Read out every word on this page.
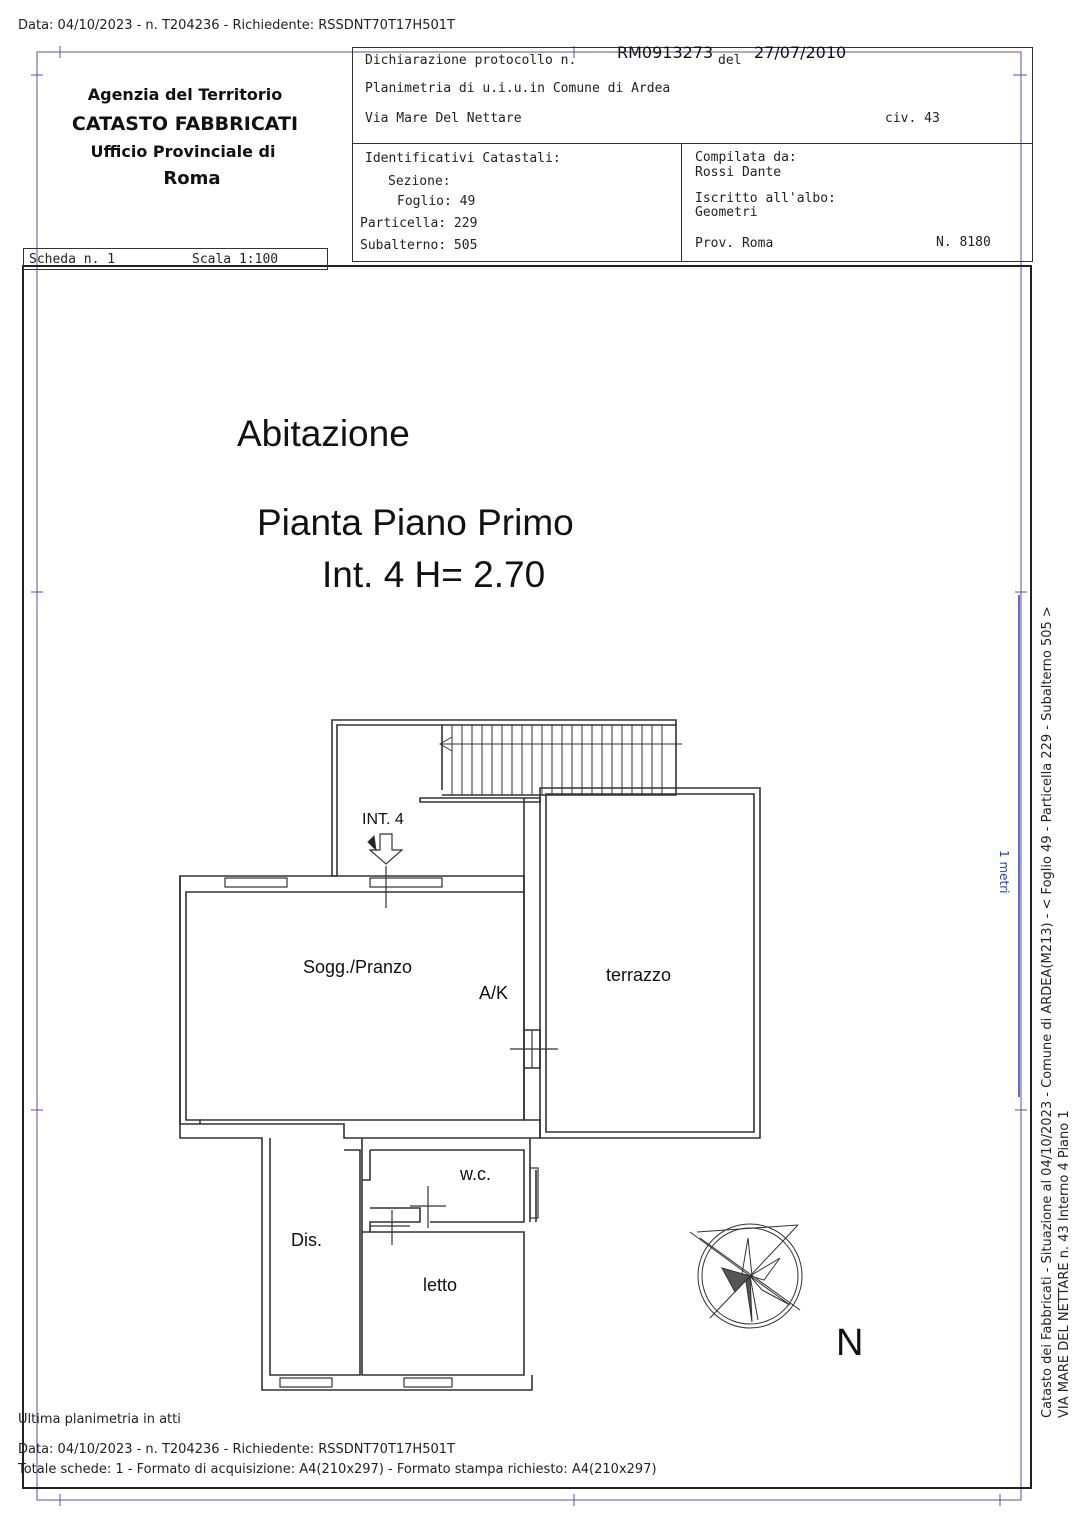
Data: 04/10/2023 - n. T204236 - Richiedente: RSSDNT70T17H501T
Agenzia del Territorio
CATASTO FABBRICATI
Ufficio Provinciale di
Roma
Dichiarazione protocollo n.	RM0913273 del 27/07/2010
Planimetria di u.i.u.in Comune di Ardea
Via Mare Del Nettare	civ. 43
Identificativi Catastali:
Sezione:
Foglio: 49
Particella: 229
Subalterno: 505
Compilata da:
Rossi Dante
Iscritto all'albo:
Geometri
Prov. Roma	N. 8180
Scheda n. 1	Scala 1:100
Abitazione
Pianta Piano Primo
Int. 4 H= 2.70
INT. 4
Sogg./Pranzo
A/K
terrazzo
w.c.
Dis.
letto
N
1 metri Catasto dei Fabbricati - Situazione al 04/10/2023 - Comune di ARDEA(M213) - < Foglio 49 - Particella 229 - Subalterno 505 > VIA MARE DEL NETTARE n. 43 Interno 4 Piano 1
Ultima planimetria in atti
Data: 04/10/2023 - n. T204236 - Richiedente: RSSDNT70T17H501T
Totale schede: 1 - Formato di acquisizione: A4(210x297) - Formato stampa richiesto: A4(210x297)
